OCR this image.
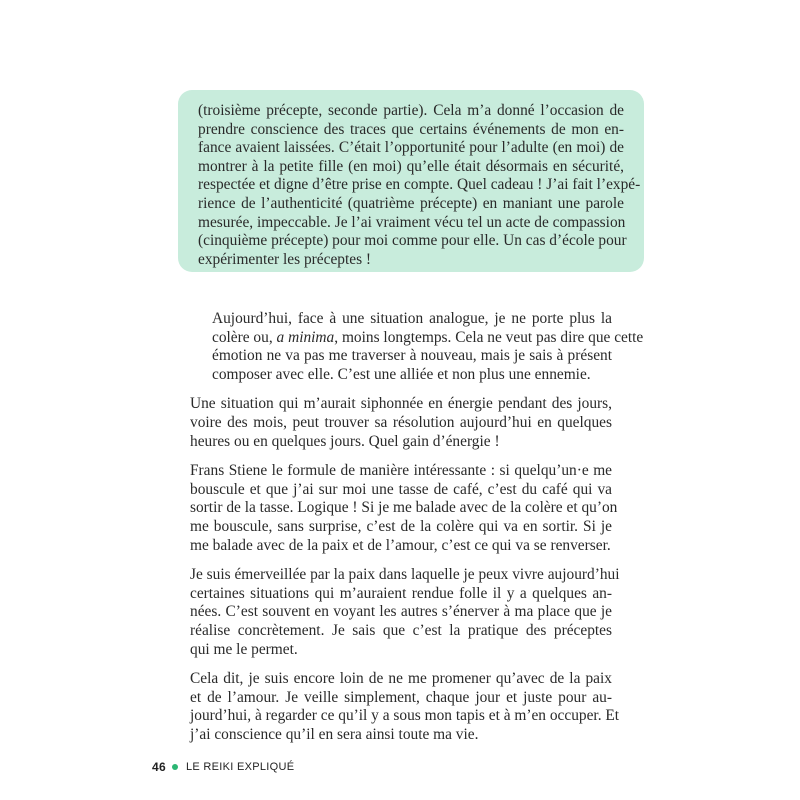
(troisième précepte, seconde partie). Cela m’a donné l’occasion de
prendre conscience des traces que certains événements de mon en-
fance avaient laissées. C’était l’opportunité pour l’adulte (en moi) de
montrer à la petite fille (en moi) qu’elle était désormais en sécurité,
respectée et digne d’être prise en compte. Quel cadeau ! J’ai fait l’expé-
rience de l’authenticité (quatrième précepte) en maniant une parole
mesurée, impeccable. Je l’ai vraiment vécu tel un acte de compassion
(cinquième précepte) pour moi comme pour elle. Un cas d’école pour
expérimenter les préceptes !

Aujourd’hui, face à une situation analogue, je ne porte plus la
colère ou, a minima, moins longtemps. Cela ne veut pas dire que cette
émotion ne va pas me traverser à nouveau, mais je sais à présent
composer avec elle. C’est une alliée et non plus une ennemie.

Une situation qui m’aurait siphonnée en énergie pendant des jours,
voire des mois, peut trouver sa résolution aujourd’hui en quelques
heures ou en quelques jours. Quel gain d’énergie !

Frans Stiene le formule de manière intéressante : si quelqu’un·e me
bouscule et que j’ai sur moi une tasse de café, c’est du café qui va
sortir de la tasse. Logique ! Si je me balade avec de la colère et qu’on
me bouscule, sans surprise, c’est de la colère qui va en sortir. Si je
me balade avec de la paix et de l’amour, c’est ce qui va se renverser.

Je suis émerveillée par la paix dans laquelle je peux vivre aujourd’hui
certaines situations qui m’auraient rendue folle il y a quelques an-
nées. C’est souvent en voyant les autres s’énerver à ma place que je
réalise concrètement. Je sais que c’est la pratique des préceptes
qui me le permet.

Cela dit, je suis encore loin de ne me promener qu’avec de la paix
et de l’amour. Je veille simplement, chaque jour et juste pour au-
jourd’hui, à regarder ce qu’il y a sous mon tapis et à m’en occuper. Et
j’ai conscience qu’il en sera ainsi toute ma vie.

46 LE REIKI EXPLIQUÉ
